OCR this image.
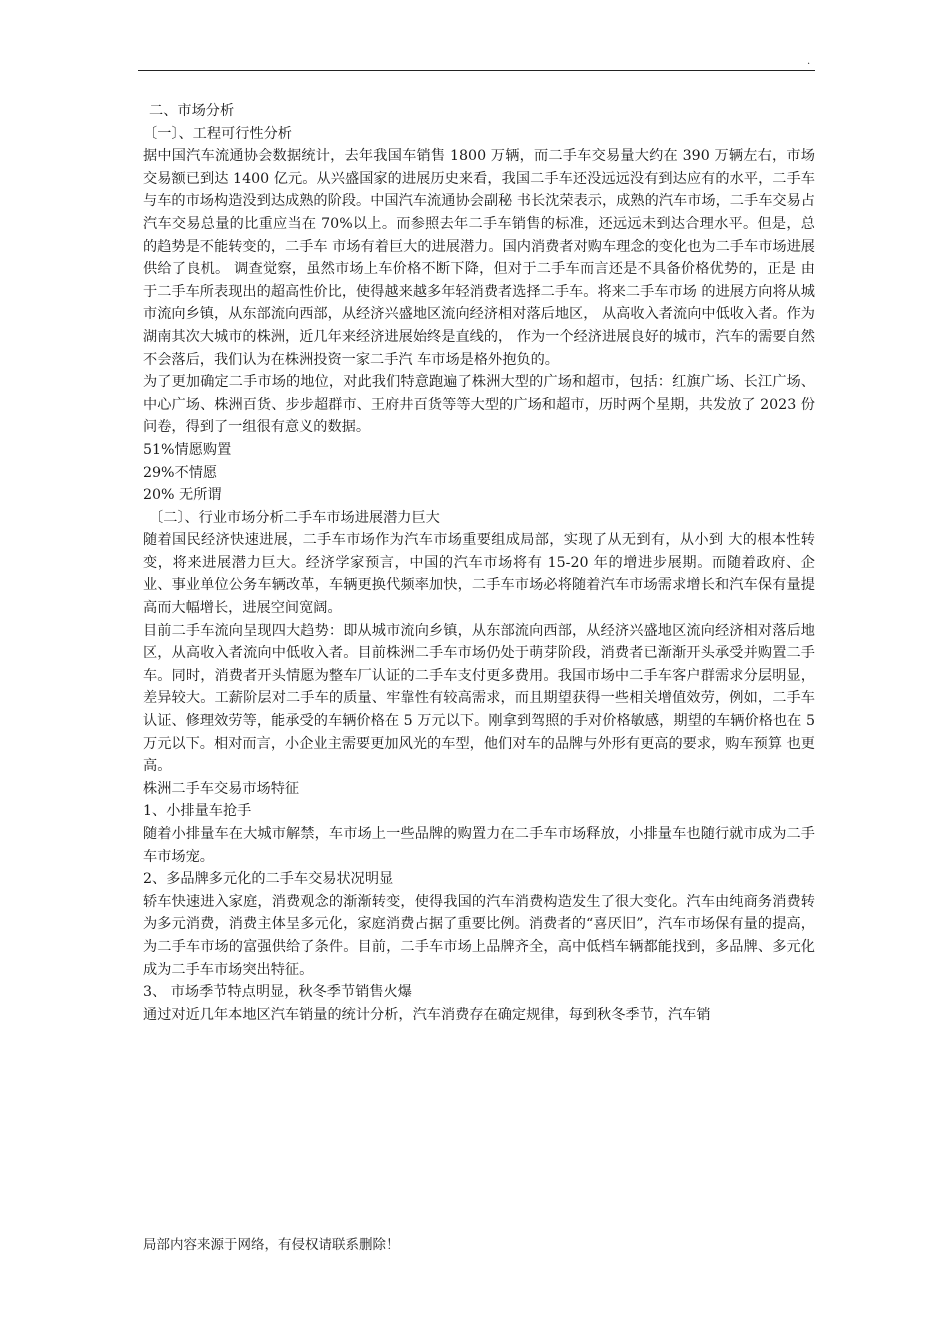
.

二、市场分析

〔一〕、工程可行性分析

据中国汽车流通协会数据统计，去年我国车销售 1800 万辆，而二手车交易量大约在 390 万辆左右，市场交易额已到达 1400 亿元。从兴盛国家的进展历史来看，我国二手车还没远远没有到达应有的水平，二手车与车的市场构造没到达成熟的阶段。中国汽车流通协会副秘 书长沈荣表示，成熟的汽车市场，二手车交易占汽车交易总量的比重应当在 70%以上。而参照去年二手车销售的标准，还远远未到达合理水平。但是，总的趋势是不能转变的，二手车 市场有着巨大的进展潜力。国内消费者对购车理念的变化也为二手车市场进展供给了良机。 调查觉察，虽然市场上车价格不断下降，但对于二手车而言还是不具备价格优势的，正是 由于二手车所表现出的超高性价比，使得越来越多年轻消费者选择二手车。将来二手车市场 的进展方向将从城市流向乡镇，从东部流向西部，从经济兴盛地区流向经济相对落后地区， 从高收入者流向中低收入者。作为湖南其次大城市的株洲，近几年来经济进展始终是直线的， 作为一个经济进展良好的城市，汽车的需要自然不会落后，我们认为在株洲投资一家二手汽 车市场是格外抱负的。

为了更加确定二手市场的地位，对此我们特意跑遍了株洲大型的广场和超市，包括：红旗广场、长江广场、中心广场、株洲百货、步步超群市、王府井百货等等大型的广场和超市，历时两个星期，共发放了 2023 份问卷，得到了一组很有意义的数据。

51%情愿购置

29%不情愿

20% 无所谓

〔二〕、行业市场分析二手车市场进展潜力巨大

随着国民经济快速进展，二手车市场作为汽车市场重要组成局部，实现了从无到有，从小到 大的根本性转变，将来进展潜力巨大。经济学家预言，中国的汽车市场将有 15-20 年的增进步展期。而随着政府、企业、事业单位公务车辆改革，车辆更换代频率加快，二手车市场必将随着汽车市场需求增长和汽车保有量提高而大幅增长，进展空间宽阔。

目前二手车流向呈现四大趋势：即从城市流向乡镇，从东部流向西部，从经济兴盛地区流向经济相对落后地区，从高收入者流向中低收入者。目前株洲二手车市场仍处于萌芽阶段，消费者已渐渐开头承受并购置二手车。同时，消费者开头情愿为整车厂认证的二手车支付更多费用。我国市场中二手车客户群需求分层明显，差异较大。工薪阶层对二手车的质量、牢靠性有较高需求，而且期望获得一些相关增值效劳，例如，二手车认证、修理效劳等，能承受的车辆价格在 5 万元以下。刚拿到驾照的手对价格敏感，期望的车辆价格也在 5 万元以下。相对而言，小企业主需要更加风光的车型，他们对车的品牌与外形有更高的要求，购车预算 也更高。

株洲二手车交易市场特征

1、小排量车抢手

随着小排量车在大城市解禁，车市场上一些品牌的购置力在二手车市场释放，小排量车也随行就市成为二手车市场宠。

2、多品牌多元化的二手车交易状况明显

轿车快速进入家庭，消费观念的渐渐转变，使得我国的汽车消费构造发生了很大变化。汽车由纯商务消费转为多元消费，消费主体呈多元化，家庭消费占据了重要比例。消费者的“喜厌旧”，汽车市场保有量的提高，为二手车市场的富强供给了条件。目前，二手车市场上品牌齐全，高中低档车辆都能找到，多品牌、多元化成为二手车市场突出特征。

3、 市场季节特点明显，秋冬季节销售火爆

通过对近几年本地区汽车销量的统计分析，汽车消费存在确定规律，每到秋冬季节，汽车销

局部内容来源于网络，有侵权请联系删除！
